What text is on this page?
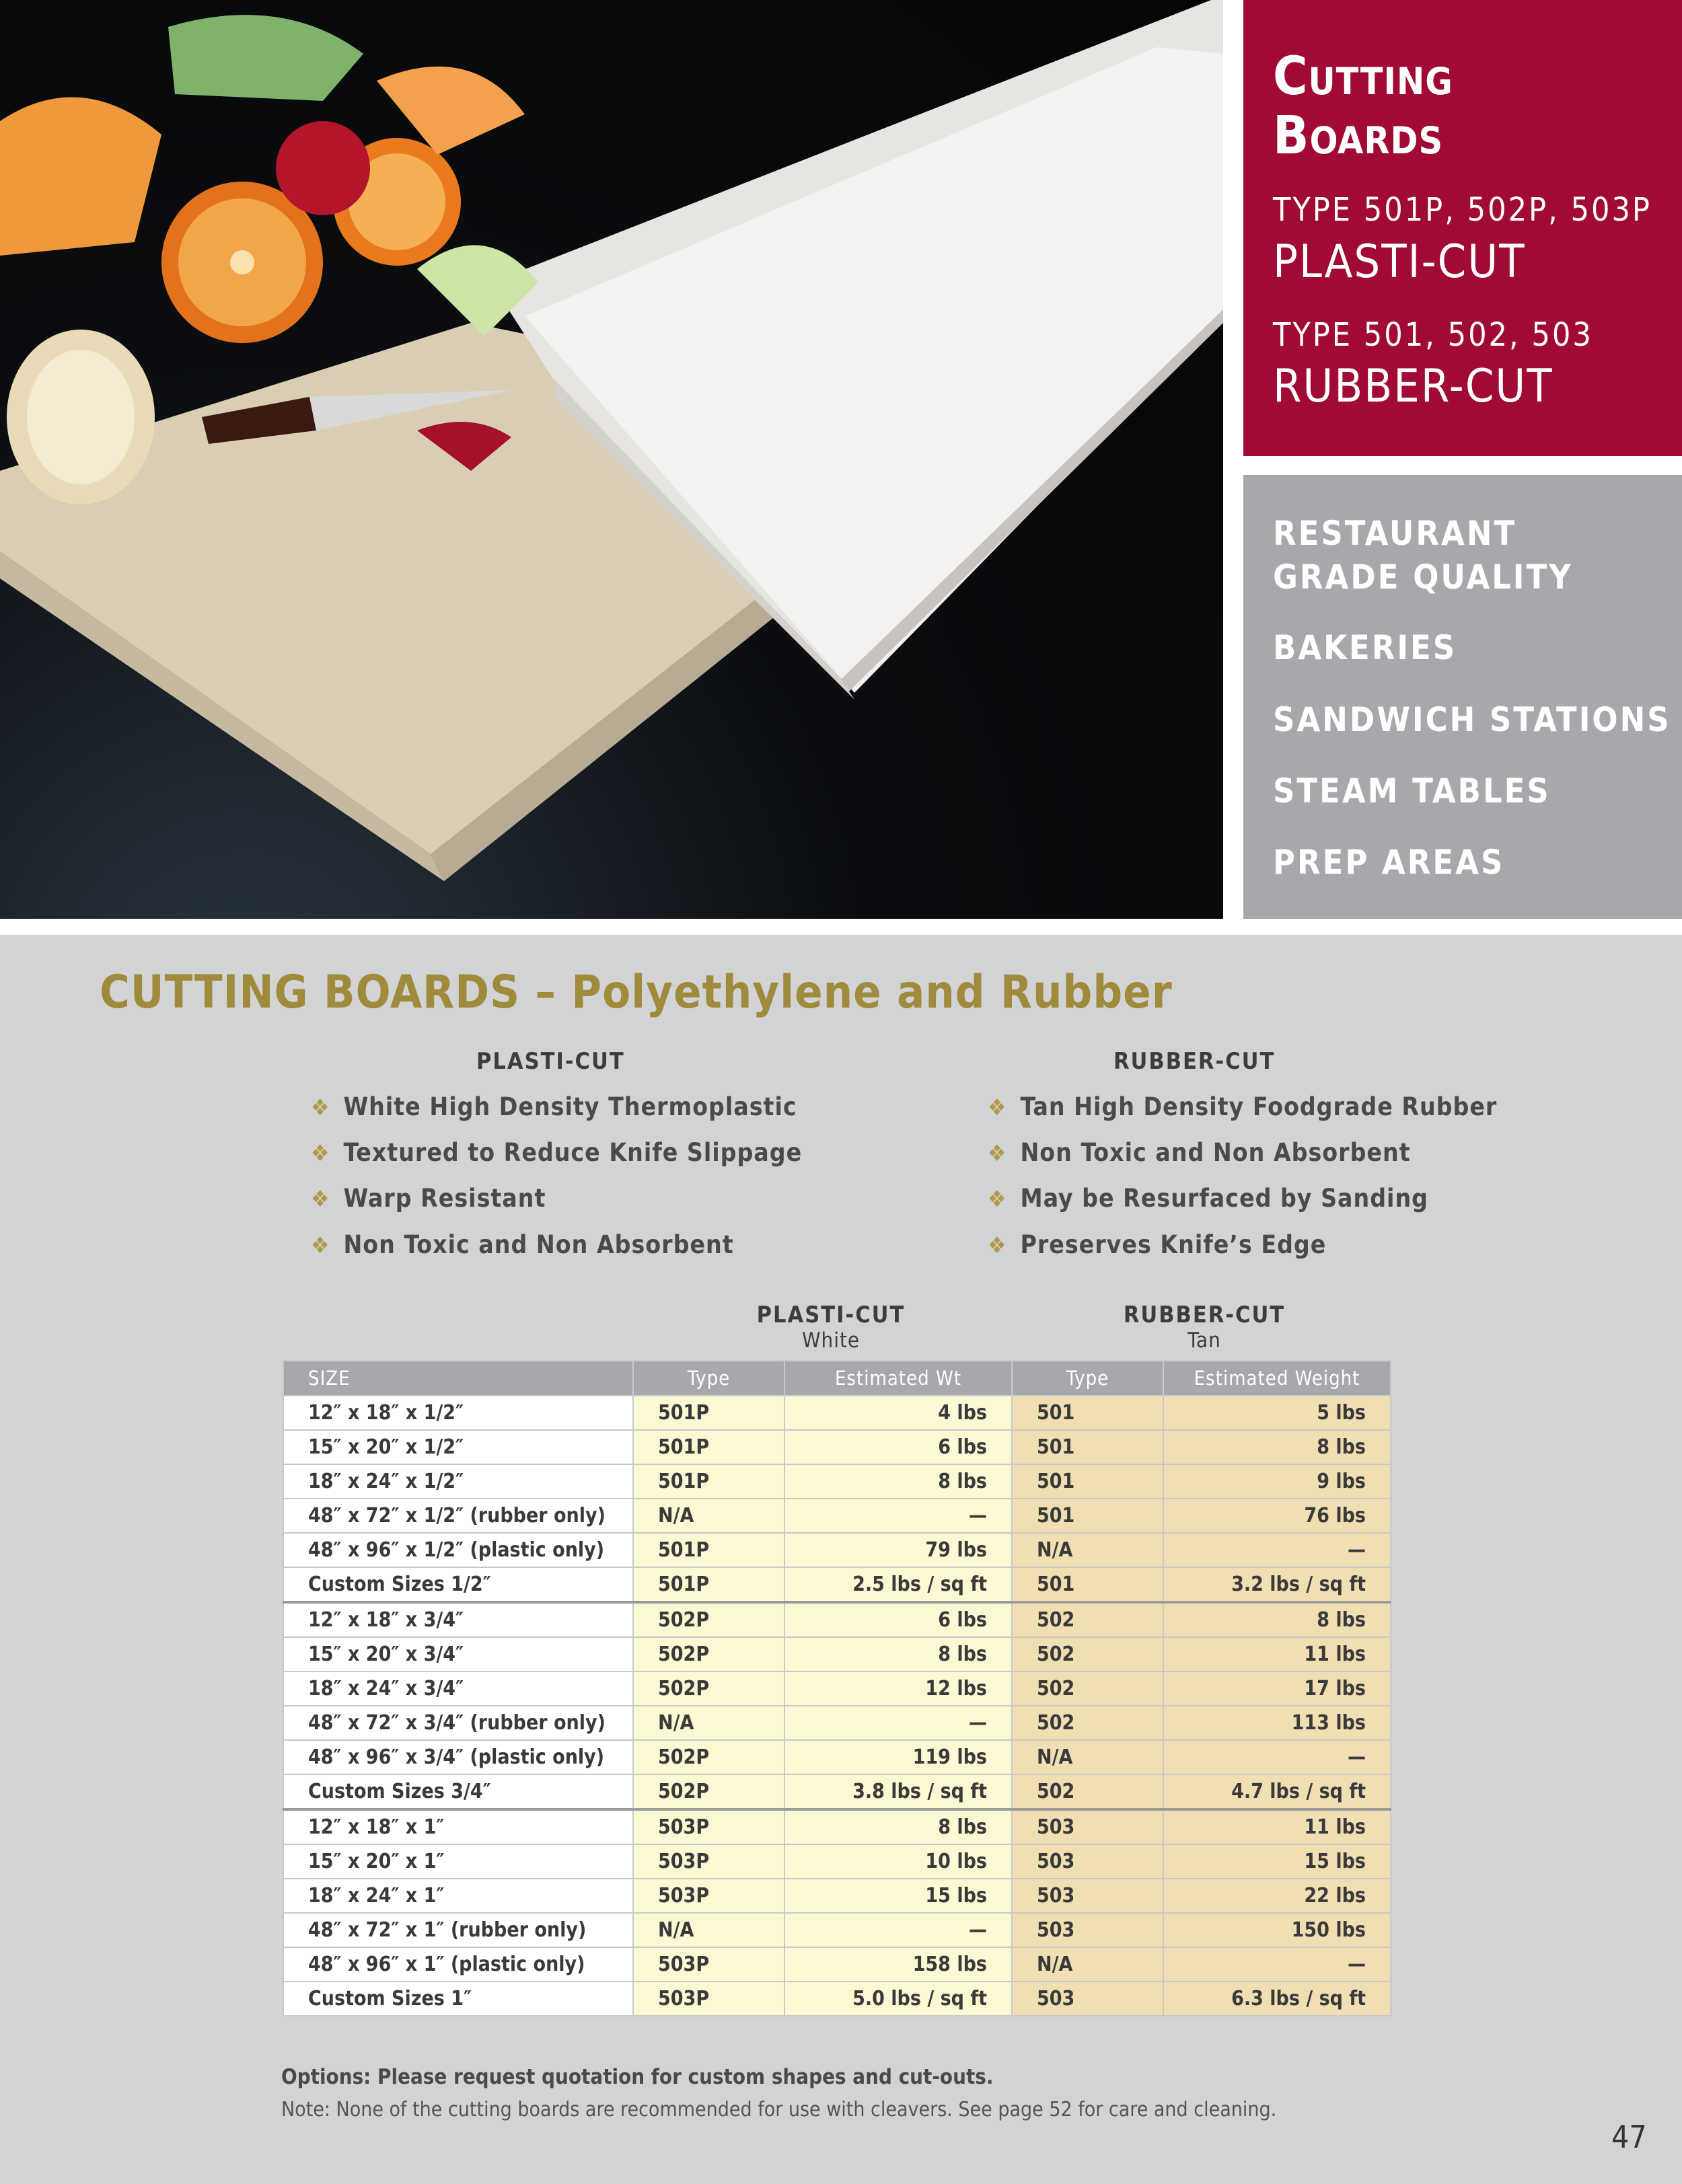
Cutting
Boards
TYPE 501P, 502P, 503P
PLASTI-CUT
TYPE 501, 502, 503
RUBBER-CUT
RESTAURANT
GRADE QUALITY
BAKERIES
SANDWICH STATIONS
STEAM TABLES
PREP AREAS
CUTTING BOARDS – Polyethylene and Rubber
PLASTI-CUT
❖ White High Density Thermoplastic
❖ Textured to Reduce Knife Slippage
❖ Warp Resistant
❖ Non Toxic and Non Absorbent
RUBBER-CUT
❖ Tan High Density Foodgrade Rubber
❖ Non Toxic and Non Absorbent
❖ May be Resurfaced by Sanding
❖ Preserves Knife’s Edge
PLASTI-CUT
White
RUBBER-CUT
Tan
SIZE	Type	Estimated Wt	Type	Estimated Weight
12″ x 18″ x 1/2″	501P	4 lbs	501	5 lbs
15″ x 20″ x 1/2″	501P	6 lbs	501	8 lbs
18″ x 24″ x 1/2″	501P	8 lbs	501	9 lbs
48″ x 72″ x 1/2″ (rubber only)	N/A	—	501	76 lbs
48″ x 96″ x 1/2″ (plastic only)	501P	79 lbs	N/A	—
Custom Sizes 1/2″	501P	2.5 lbs / sq ft	501	3.2 lbs / sq ft
12″ x 18″ x 3/4″	502P	6 lbs	502	8 lbs
15″ x 20″ x 3/4″	502P	8 lbs	502	11 lbs
18″ x 24″ x 3/4″	502P	12 lbs	502	17 lbs
48″ x 72″ x 3/4″ (rubber only)	N/A	—	502	113 lbs
48″ x 96″ x 3/4″ (plastic only)	502P	119 lbs	N/A	—
Custom Sizes 3/4″	502P	3.8 lbs / sq ft	502	4.7 lbs / sq ft
12″ x 18″ x 1″	503P	8 lbs	503	11 lbs
15″ x 20″ x 1″	503P	10 lbs	503	15 lbs
18″ x 24″ x 1″	503P	15 lbs	503	22 lbs
48″ x 72″ x 1″ (rubber only)	N/A	—	503	150 lbs
48″ x 96″ x 1″ (plastic only)	503P	158 lbs	N/A	—
Custom Sizes 1″	503P	5.0 lbs / sq ft	503	6.3 lbs / sq ft
Options: Please request quotation for custom shapes and cut-outs.
Note: None of the cutting boards are recommended for use with cleavers. See page 52 for care and cleaning.
47
